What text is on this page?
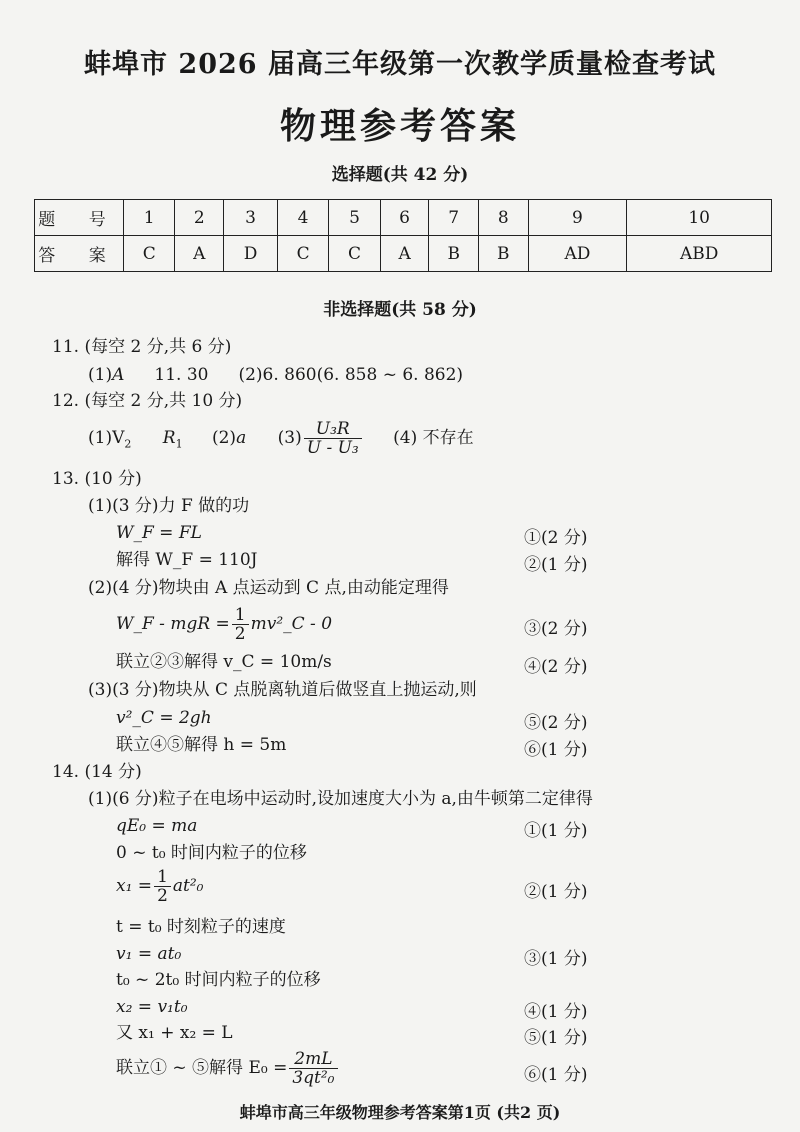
蚌埠市 2026 届高三年级第一次教学质量检查考试
物理参考答案
选择题(共 42 分)
题 号	1	2	3	4	5	6	7	8	9	10
答 案	C	A	D	C	C	A	B	B	AD	ABD
非选择题(共 58 分)
11. (每空 2 分,共 6 分)
(1)A 11. 30 (2)6. 860(6. 858 ~ 6. 862)
12. (每空 2 分,共 10 分)
$(1)V_2$ $R_1$ (2)a $(3) \frac{\text{U₃R}}{\text{U - U₃}} (4)$ 不存在
13. (10 分)
(1)(3 分)力 F 做的功
W_F = FL	①(2 分)
解得 W_F = 110J	②(1 分)
(2)(4 分)物块由 A 点运动到 C 点,由动能定理得
W_F - mgR = $\frac{1}{2}$ mv²_C - 0	③(2 分)
联立②③解得 v_C = 10m/s	④(2 分)
(3)(3 分)物块从 C 点脱离轨道后做竖直上抛运动,则
v²_C = 2gh	⑤(2 分)
联立④⑤解得 h = 5m	⑥(1 分)
14. (14 分)
(1)(6 分)粒子在电场中运动时,设加速度大小为 a,由牛顿第二定律得
qE₀ = ma	①(1 分)
0 ~ t₀ 时间内粒子的位移
$x_1 = \frac{1}{2} at^2_0$	②(1 分)
t = t₀ 时刻粒子的速度
v₁ = at₀	③(1 分)
t₀ ~ 2t₀ 时间内粒子的位移
x₂ = v₁t₀	④(1 分)
又 x₁ + x₂ = L	⑤(1 分)
联立① ~ ⑤解得 $E_0 = \frac{2mL}{\text{3qt²₀}}$	⑥(1 分)
蚌埠市高三年级物理参考答案第1页 (共2 页)
